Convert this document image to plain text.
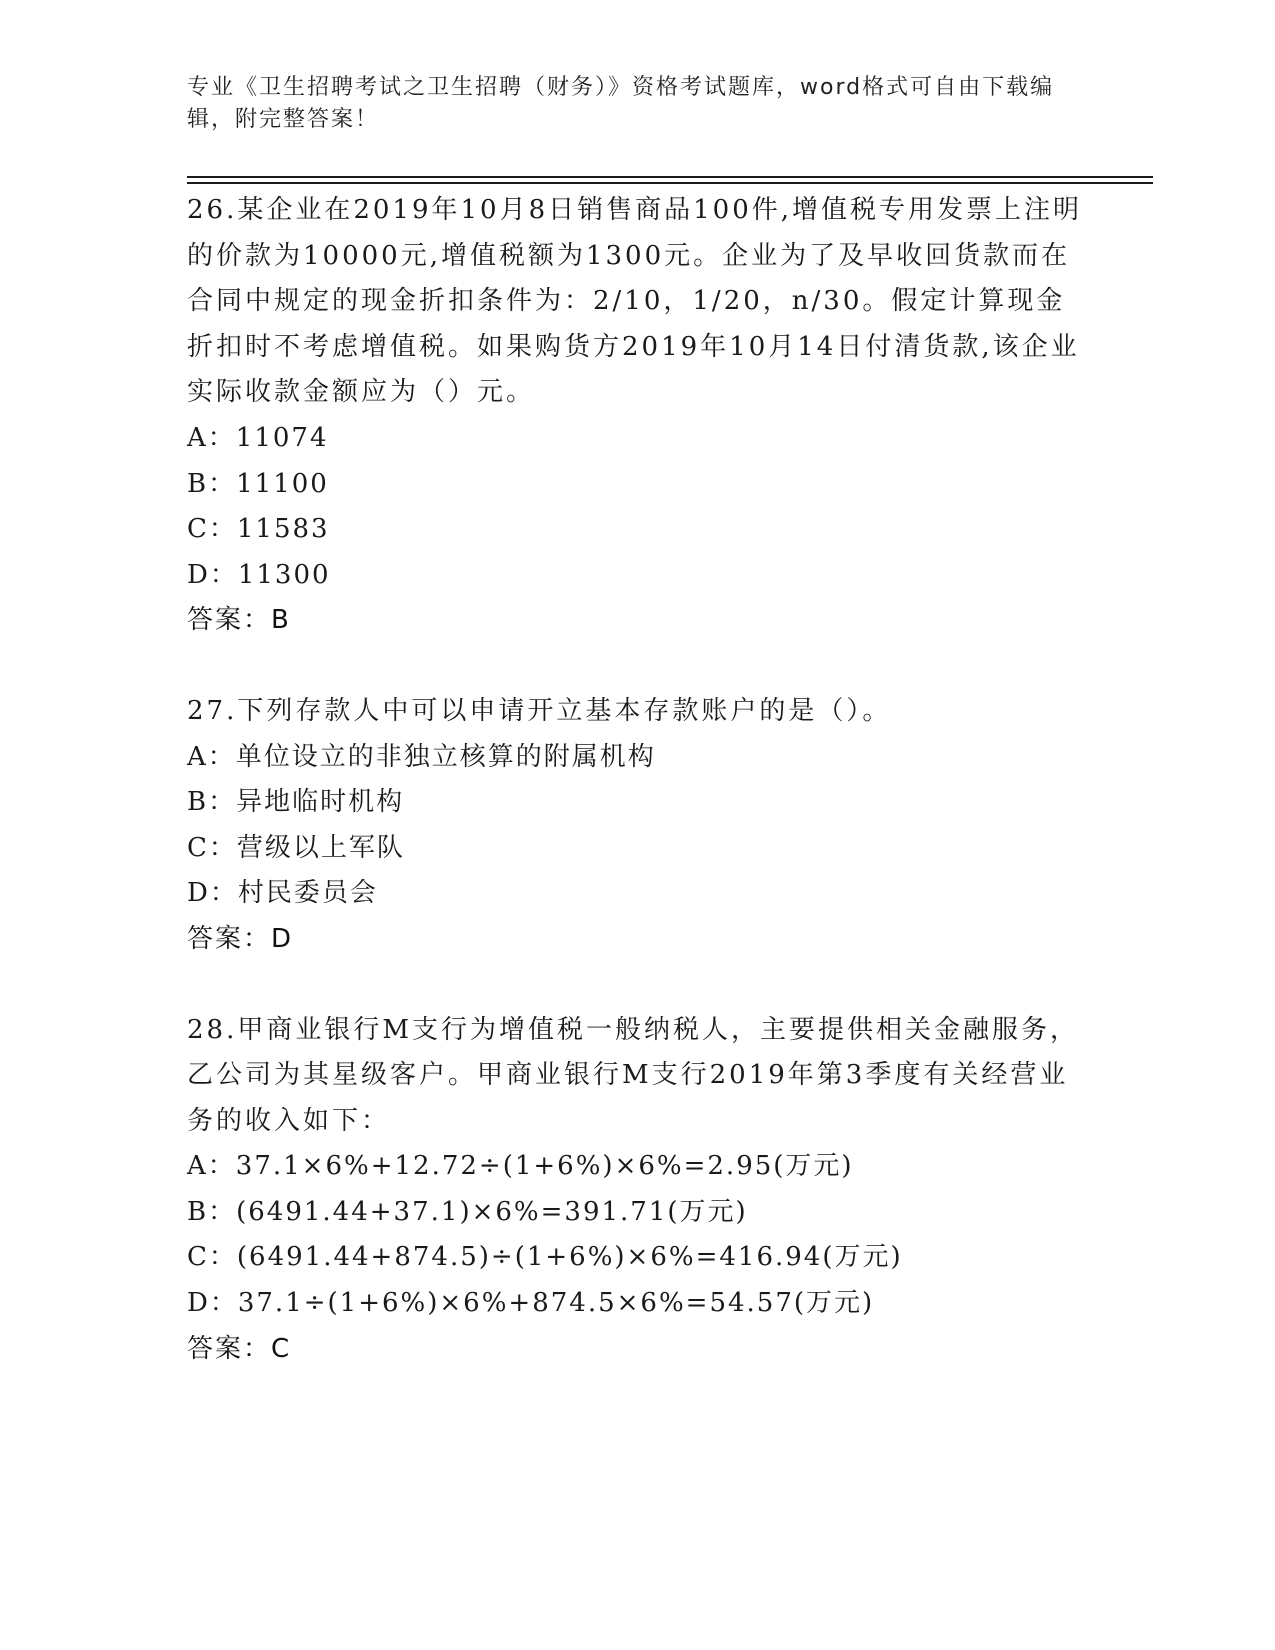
专业《卫生招聘考试之卫生招聘（财务）》资格考试题库，word格式可自由下载编辑，附完整答案！

26.某企业在2019年10月8日销售商品100件,增值税专用发票上注明的价款为10000元,增值税额为1300元。企业为了及早收回货款而在合同中规定的现金折扣条件为：2/10，1/20，n/30。假定计算现金折扣时不考虑增值税。如果购货方2019年10月14日付清货款,该企业实际收款金额应为（）元。

A：11074
B：11100
C：11583
D：11300
答案：B

27.下列存款人中可以申请开立基本存款账户的是（）。

A：单位设立的非独立核算的附属机构
B：异地临时机构
C：营级以上军队
D：村民委员会
答案：D

28.甲商业银行M支行为增值税一般纳税人，主要提供相关金融服务，乙公司为其星级客户。甲商业银行M支行2019年第3季度有关经营业务的收入如下：

A：37.1×6%+12.72÷(1+6%)×6%=2.95(万元)
B：(6491.44+37.1)×6%=391.71(万元)
C：(6491.44+874.5)÷(1+6%)×6%=416.94(万元)
D：37.1÷(1+6%)×6%+874.5×6%=54.57(万元)
答案：C
